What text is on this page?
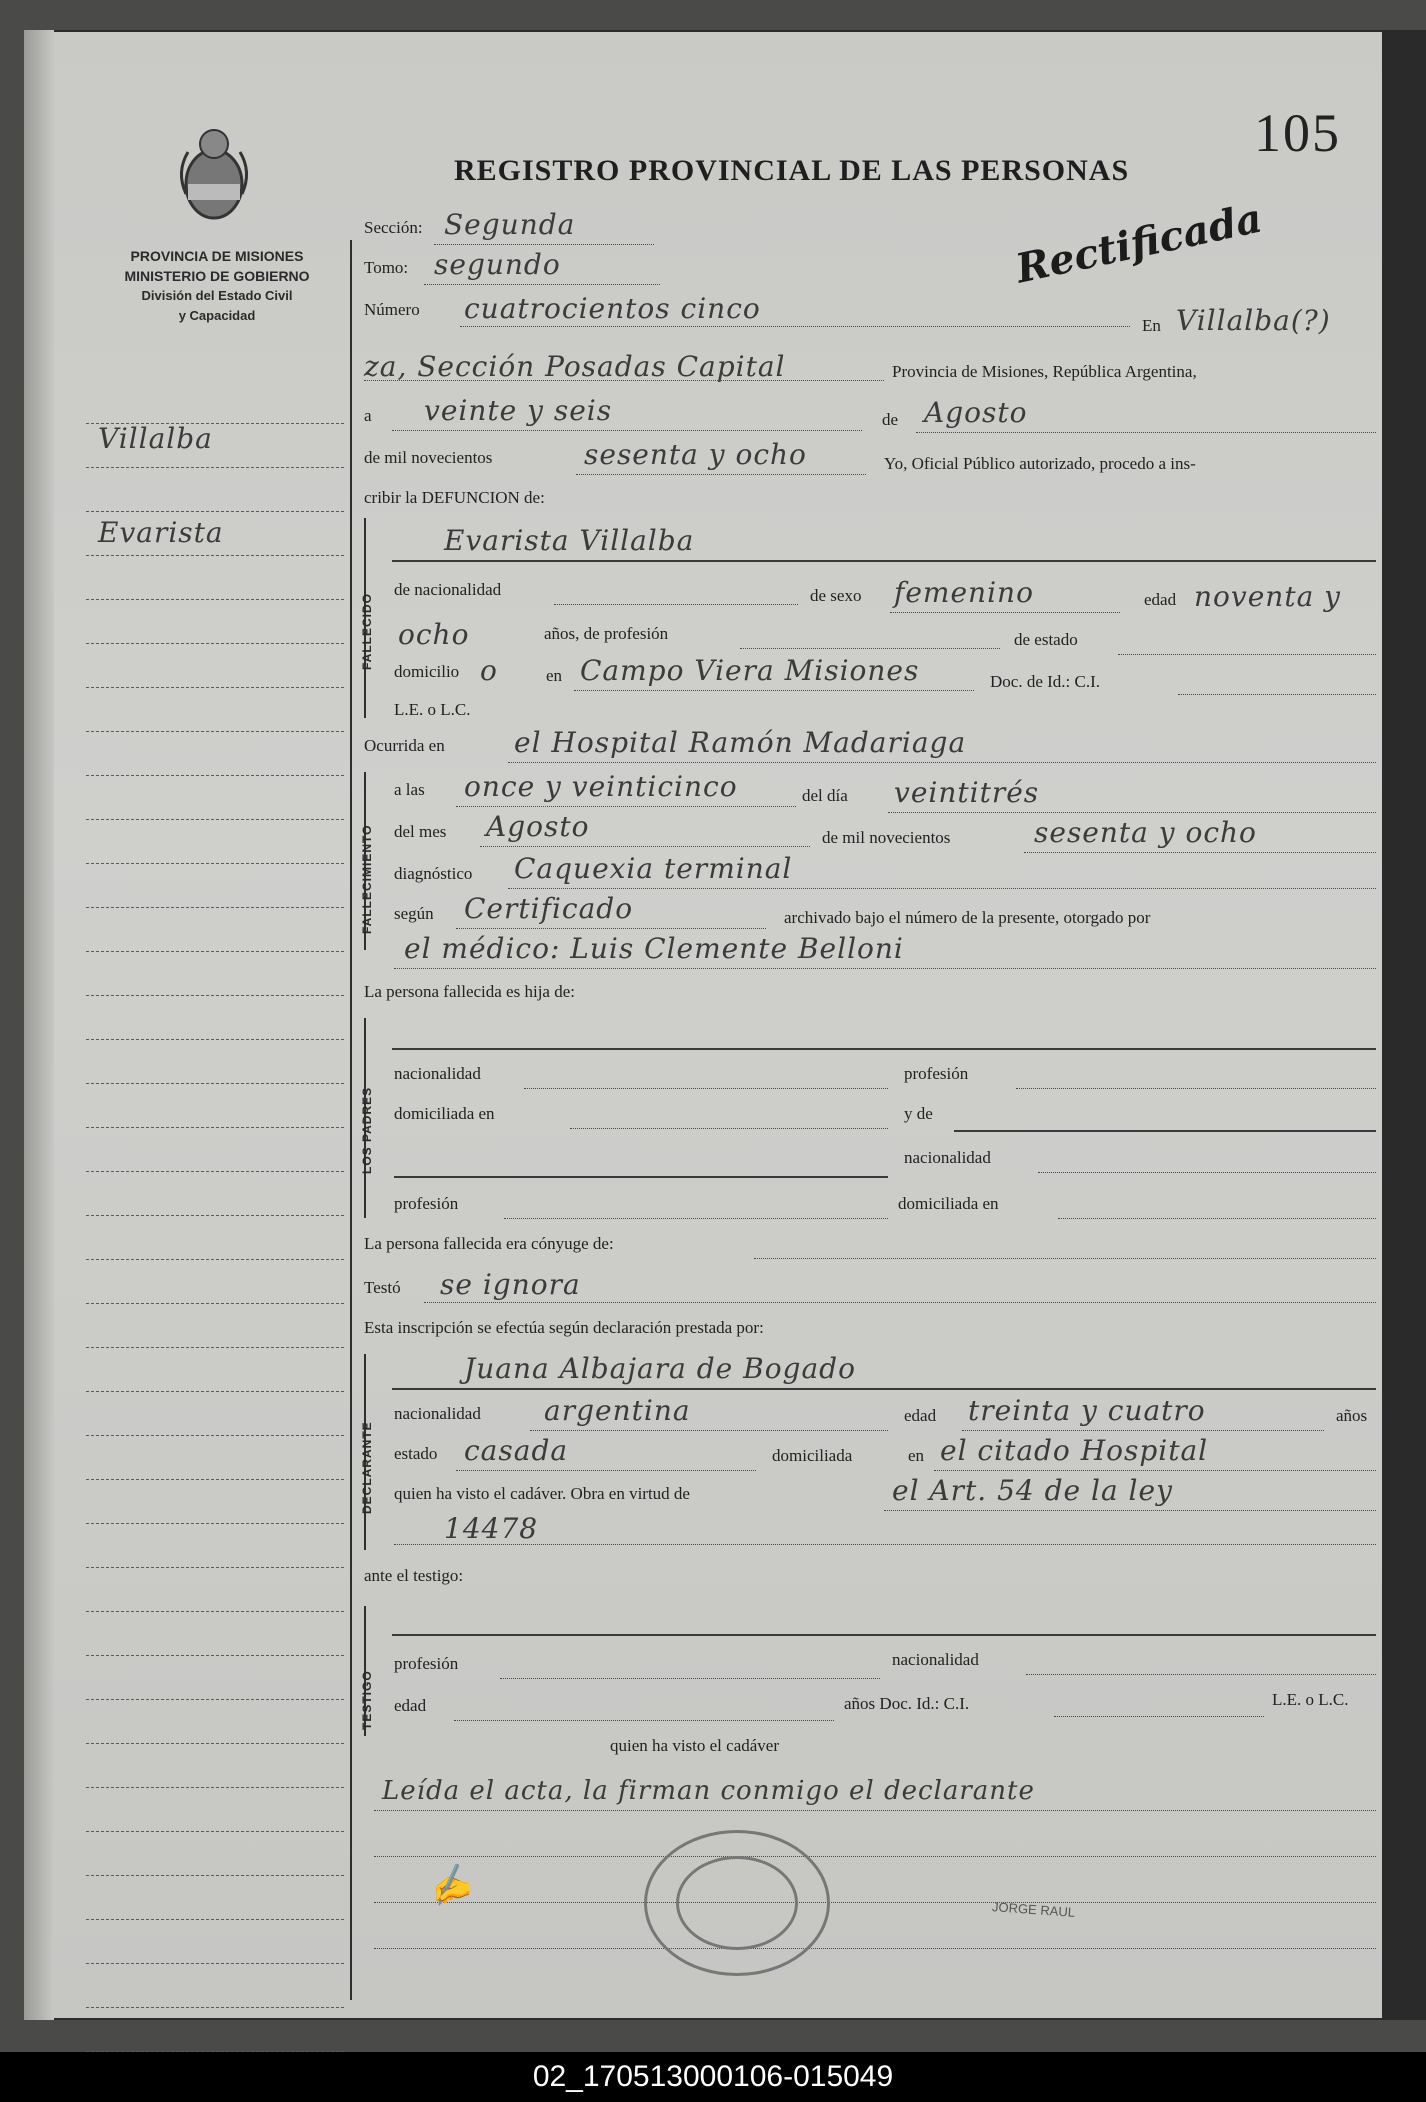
105
REGISTRO PROVINCIAL DE LAS PERSONAS
Rectificada
PROVINCIA DE MISIONES
MINISTERIO DE GOBIERNO
División del Estado Civil
y Capacidad
Villalba
Evarista
Sección: Segunda
Tomo: segundo
Número cuatrocientos cinco
En Villalba(?)
za, Sección Posadas Capital	Provincia de Misiones, República Argentina,
a veinte y seis	de Agosto
de mil novecientos	sesenta y ocho	Yo, Oficial Público autorizado, procedo a ins-
cribir la DEFUNCION de:
FALLECIDO
Evarista Villalba
de nacionalidad	de sexo femenino	edad noventa y
ocho	años, de profesión	de estado
domicilio o	en Campo Viera Misiones	Doc. de Id.: C.I.
L.E. o L.C.
Ocurrida en el Hospital Ramón Madariaga
FALLECIMIENTO
a las once y veinticinco	del día veintitrés
del mes Agosto	de mil novecientos	sesenta y ocho
diagnóstico Caquexia terminal
según Certificado	archivado bajo el número de la presente, otorgado por
el médico: Luis Clemente Belloni
La persona fallecida es hija de:
LOS PADRES
nacionalidad	profesión
domiciliada en	y de
nacionalidad
profesión	domiciliada en
La persona fallecida era cónyuge de:
Testó se ignora
Esta inscripción se efectúa según declaración prestada por:
DECLARANTE
Juana Albajara de Bogado
nacionalidad argentina	edad treinta y cuatro	años
estado casada	domiciliada	en el citado Hospital
quien ha visto el cadáver. Obra en virtud de	el Art. 54 de la ley
14478
ante el testigo:
TESTIGO
profesión	nacionalidad
edad	años Doc. Id.: C.I.	L.E. o L.C.
quien ha visto el cadáver
Leída el acta, la firman conmigo el declarante
✍	JORGE RAUL
02_170513000106-015049
